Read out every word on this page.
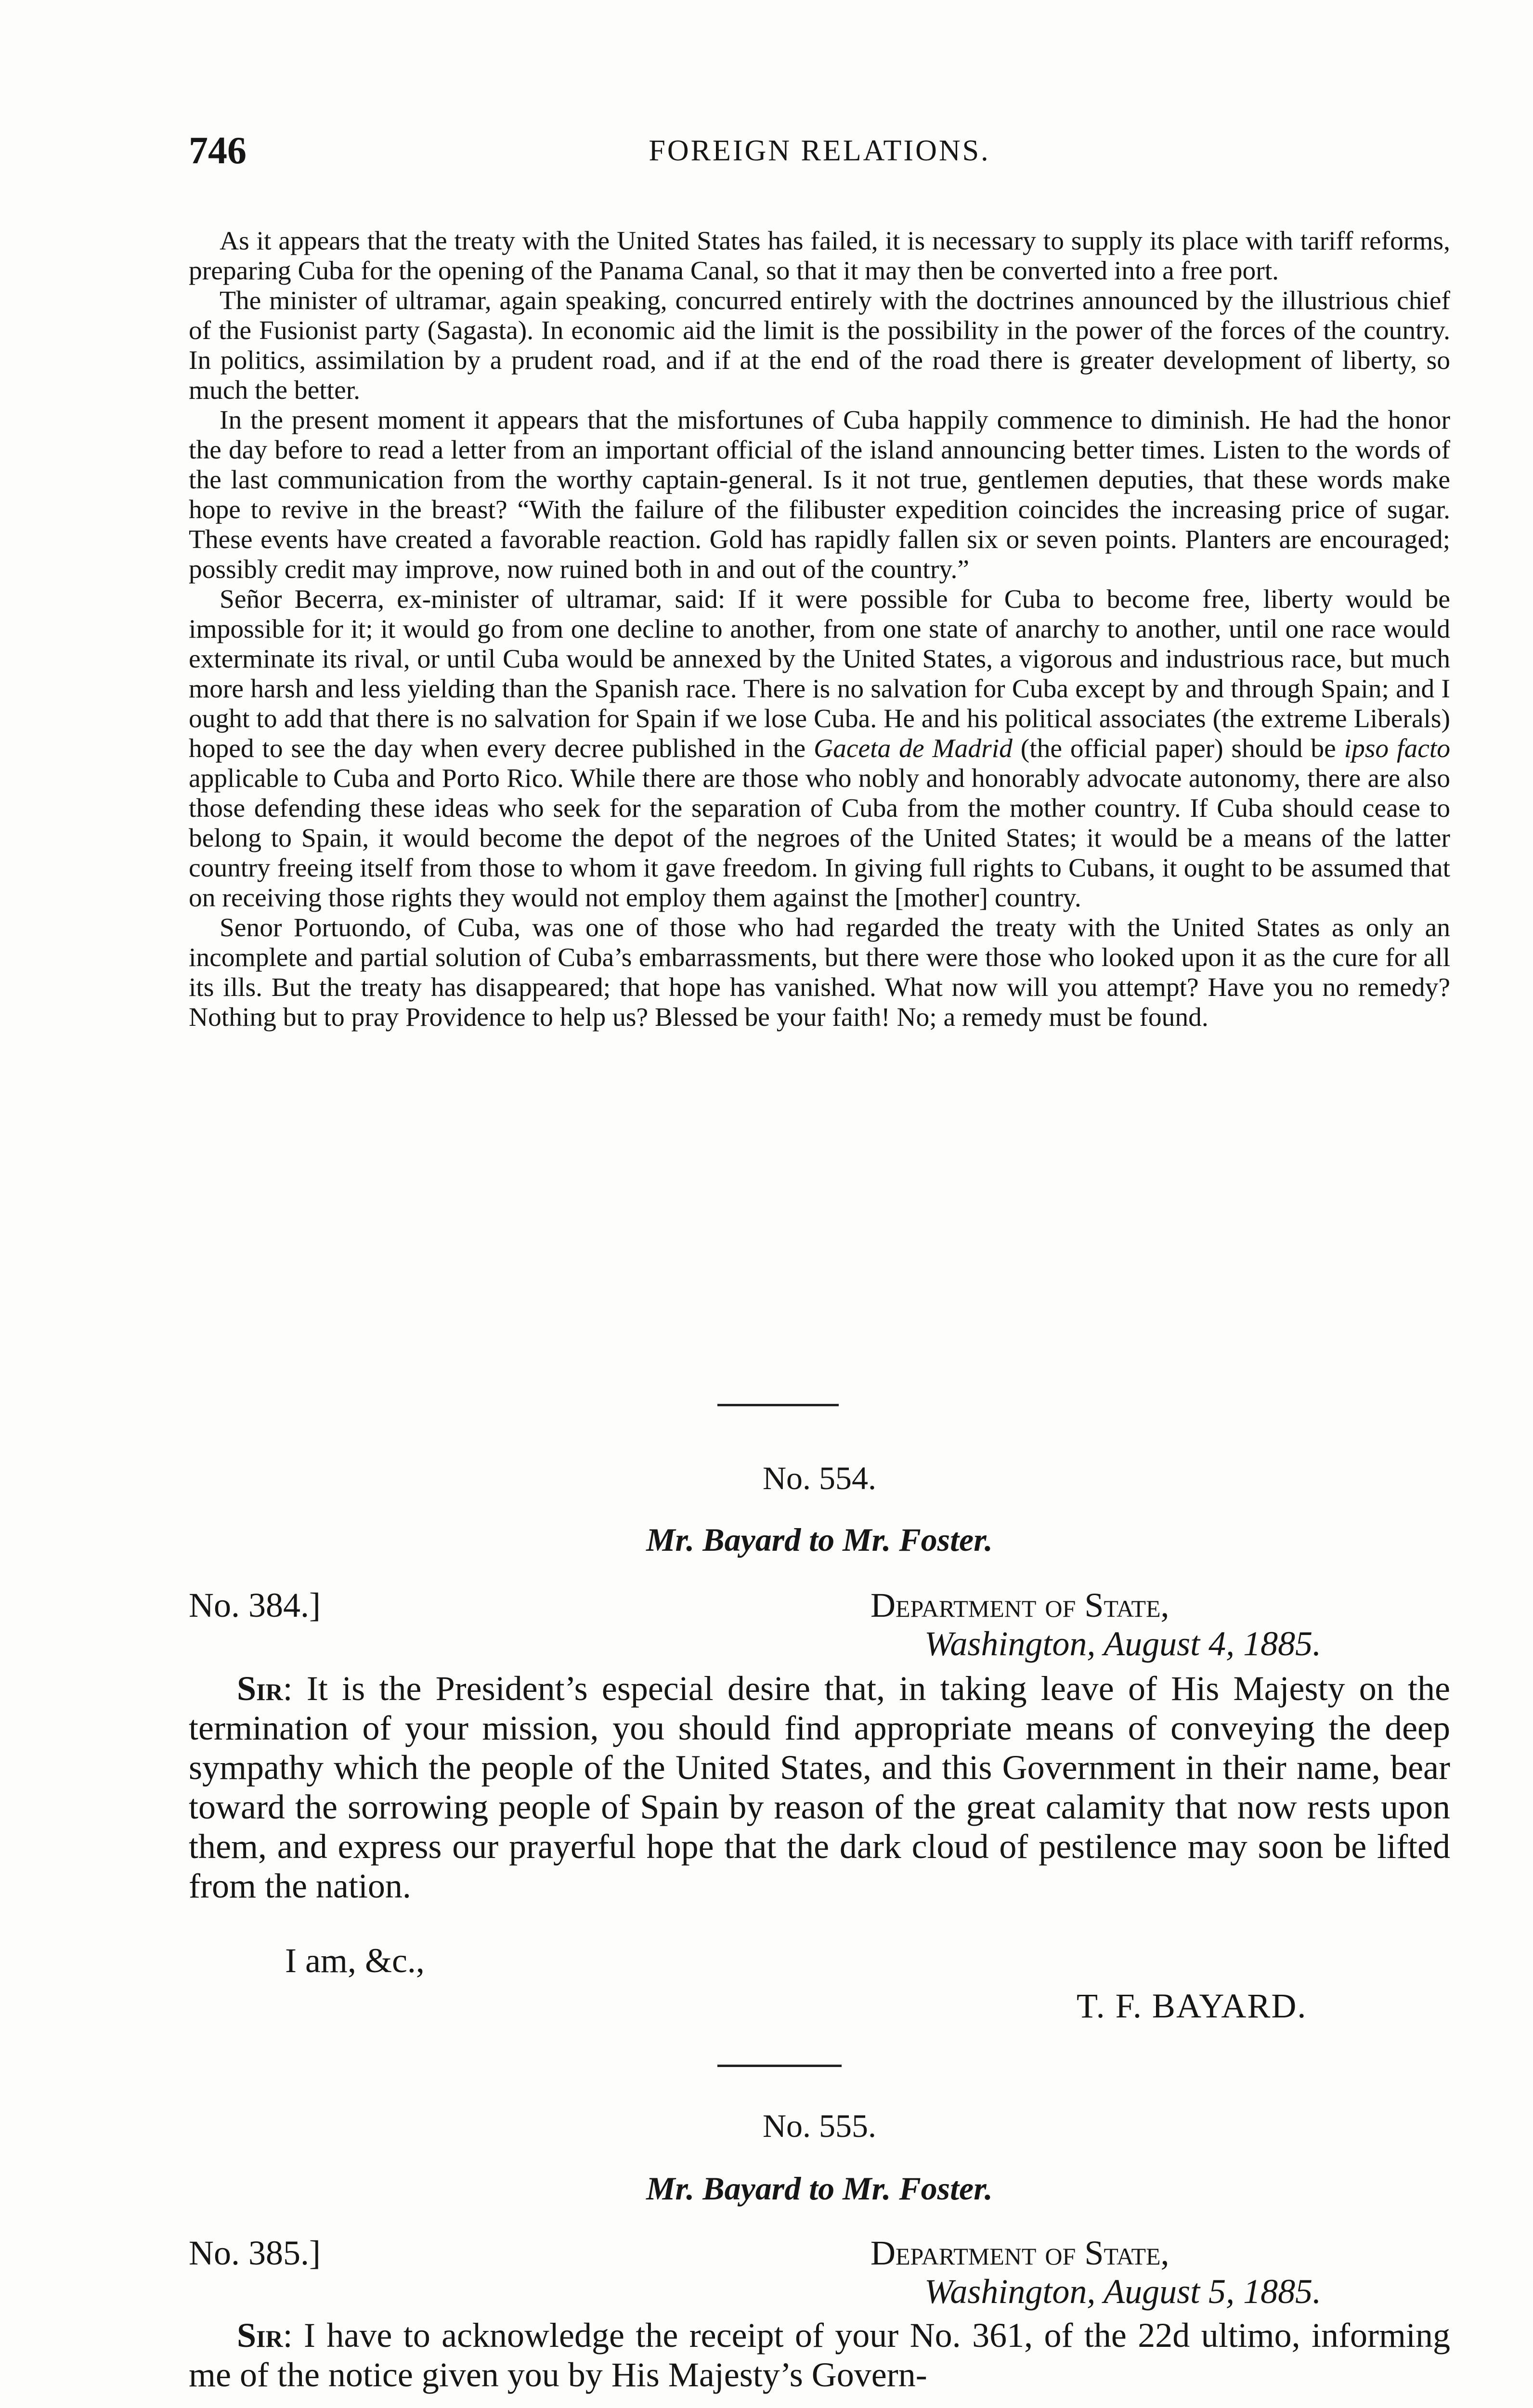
746	FOREIGN RELATIONS.

As it appears that the treaty with the United States has failed, it is necessary to supply its place with tariff reforms, preparing Cuba for the opening of the Panama Canal, so that it may then be converted into a free port.

The minister of ultramar, again speaking, concurred entirely with the doctrines announced by the illustrious chief of the Fusionist party (Sagasta). In economic aid the limit is the possibility in the power of the forces of the country. In politics, assimilation by a prudent road, and if at the end of the road there is greater development of liberty, so much the better.

In the present moment it appears that the misfortunes of Cuba happily commence to diminish. He had the honor the day before to read a letter from an important official of the island announcing better times. Listen to the words of the last communication from the worthy captain-general. Is it not true, gentlemen deputies, that these words make hope to revive in the breast? “With the failure of the filibuster expedition coincides the increasing price of sugar. These events have created a favorable reaction. Gold has rapidly fallen six or seven points. Planters are encouraged; possibly credit may improve, now ruined both in and out of the country.”

Señor Becerra, ex-minister of ultramar, said: If it were possible for Cuba to become free, liberty would be impossible for it; it would go from one decline to another, from one state of anarchy to another, until one race would exterminate its rival, or until Cuba would be annexed by the United States, a vigorous and industrious race, but much more harsh and less yielding than the Spanish race. There is no salvation for Cuba except by and through Spain; and I ought to add that there is no salvation for Spain if we lose Cuba. He and his political associates (the extreme Liberals) hoped to see the day when every decree published in the Gaceta de Madrid (the official paper) should be ipso facto applicable to Cuba and Porto Rico. While there are those who nobly and honorably advocate autonomy, there are also those defending these ideas who seek for the separation of Cuba from the mother country. If Cuba should cease to belong to Spain, it would become the depot of the negroes of the United States; it would be a means of the latter country freeing itself from those to whom it gave freedom. In giving full rights to Cubans, it ought to be assumed that on receiving those rights they would not employ them against the [mother] country.

Senor Portuondo, of Cuba, was one of those who had regarded the treaty with the United States as only an incomplete and partial solution of Cuba’s embarrassments, but there were those who looked upon it as the cure for all its ills. But the treaty has disappeared; that hope has vanished. What now will you attempt? Have you no remedy? Nothing but to pray Providence to help us? Blessed be your faith! No; a remedy must be found.

No. 554.
Mr. Bayard to Mr. Foster.
No. 384.]	Department of State,
Washington, August 4, 1885.

Sir: It is the President’s especial desire that, in taking leave of His Majesty on the termination of your mission, you should find appropriate means of conveying the deep sympathy which the people of the United States, and this Government in their name, bear toward the sorrowing people of Spain by reason of the great calamity that now rests upon them, and express our prayerful hope that the dark cloud of pestilence may soon be lifted from the nation.

I am, &c.,
T. F. BAYARD.
No. 555.
Mr. Bayard to Mr. Foster.
No. 385.]	Department of State,
Washington, August 5, 1885.

Sir: I have to acknowledge the receipt of your No. 361, of the 22d ultimo, informing me of the notice given you by His Majesty’s Govern-
